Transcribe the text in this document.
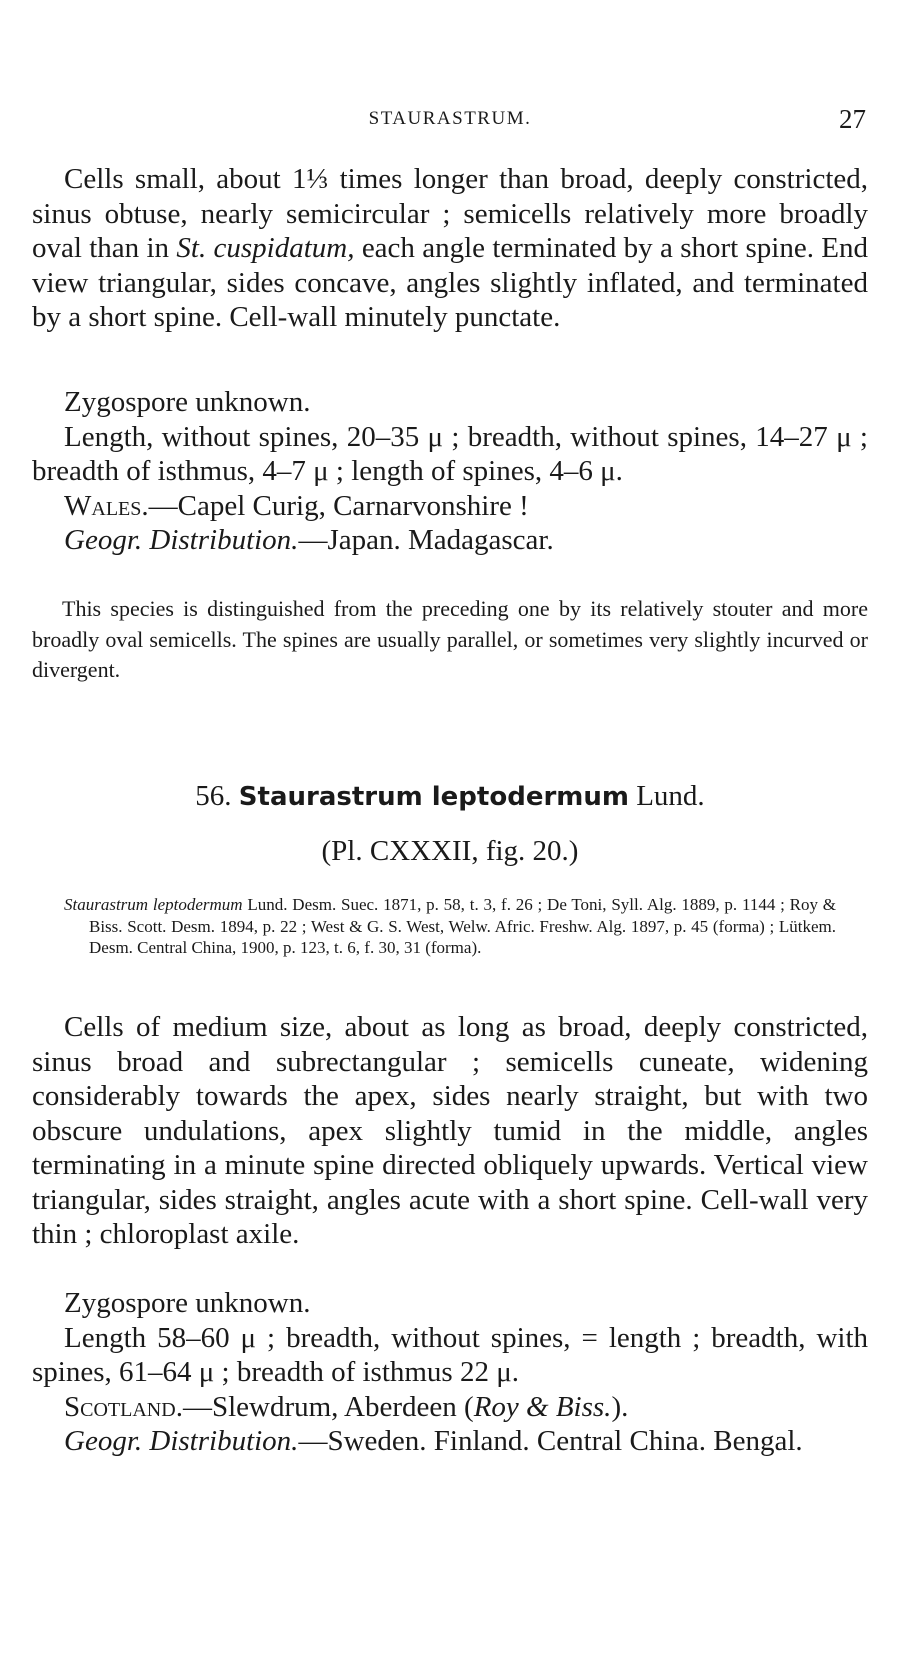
STAURASTRUM.	27

Cells small, about 1⅓ times longer than broad, deeply constricted, sinus obtuse, nearly semicircular ; semicells relatively more broadly oval than in St. cuspidatum, each angle terminated by a short spine. End view triangular, sides concave, angles slightly inflated, and terminated by a short spine. Cell-wall minutely punctate.

Zygospore unknown.

Length, without spines, 20–35 μ ; breadth, without spines, 14–27 μ ; breadth of isthmus, 4–7 μ ; length of spines, 4–6 μ.

Wales.—Capel Curig, Carnarvonshire !

Geogr. Distribution.—Japan. Madagascar.

This species is distinguished from the preceding one by its relatively stouter and more broadly oval semicells. The spines are usually parallel, or sometimes very slightly incurved or divergent.

56. Staurastrum leptodermum Lund.

(Pl. CXXXII, fig. 20.)

Staurastrum leptodermum Lund. Desm. Suec. 1871, p. 58, t. 3, f. 26 ; De Toni, Syll. Alg. 1889, p. 1144 ; Roy & Biss. Scott. Desm. 1894, p. 22 ; West & G. S. West, Welw. Afric. Freshw. Alg. 1897, p. 45 (forma) ; Lütkem. Desm. Central China, 1900, p. 123, t. 6, f. 30, 31 (forma).

Cells of medium size, about as long as broad, deeply constricted, sinus broad and subrectangular ; semicells cuneate, widening considerably towards the apex, sides nearly straight, but with two obscure undulations, apex slightly tumid in the middle, angles terminating in a minute spine directed obliquely upwards. Vertical view triangular, sides straight, angles acute with a short spine. Cell-wall very thin ; chloroplast axile.

Zygospore unknown.

Length 58–60 μ ; breadth, without spines, = length ; breadth, with spines, 61–64 μ ; breadth of isthmus 22 μ.

Scotland.—Slewdrum, Aberdeen (Roy & Biss.).

Geogr. Distribution.—Sweden. Finland. Central China. Bengal.
